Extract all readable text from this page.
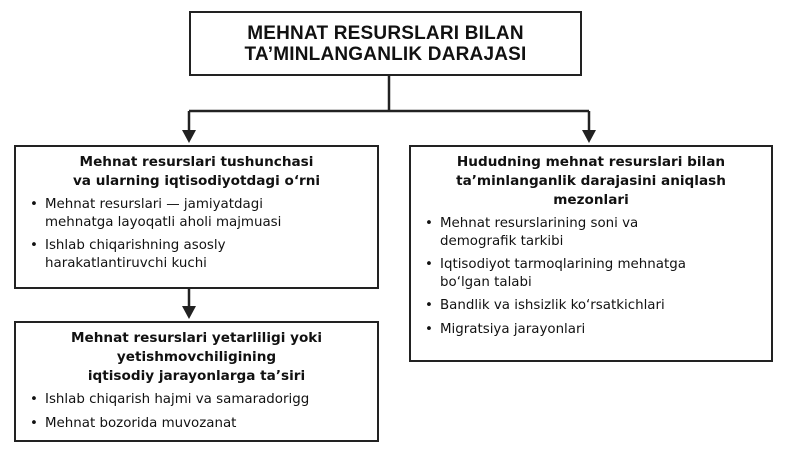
MEHNAT RESURSLARI BILAN
TA’MINLANGANLIK DARAJASI
Mehnat resurslari tushunchasi
va ularning iqtisodiyotdagi o‘rni
• Mehnat resurslari — jamiyatdagi
mehnatga layoqatli aholi majmuasi
• Ishlab chiqarishning asosly
harakatlantiruvchi kuchi
Hududning mehnat resurslari bilan
ta’minlanganlik darajasini aniqlash
mezonlari
• Mehnat resurslarining soni va
demografik tarkibi
• Iqtisodiyot tarmoqlarining mehnatga
bo‘lgan talabi
• Bandlik va ishsizlik ko‘rsatkichlari
• Migratsiya jarayonlari
Mehnat resurslari yetarliligi yoki
yetishmovchiligining
iqtisodiy jarayonlarga ta’siri
• Ishlab chiqarish hajmi va samaradorigg
• Mehnat bozorida muvozanat
